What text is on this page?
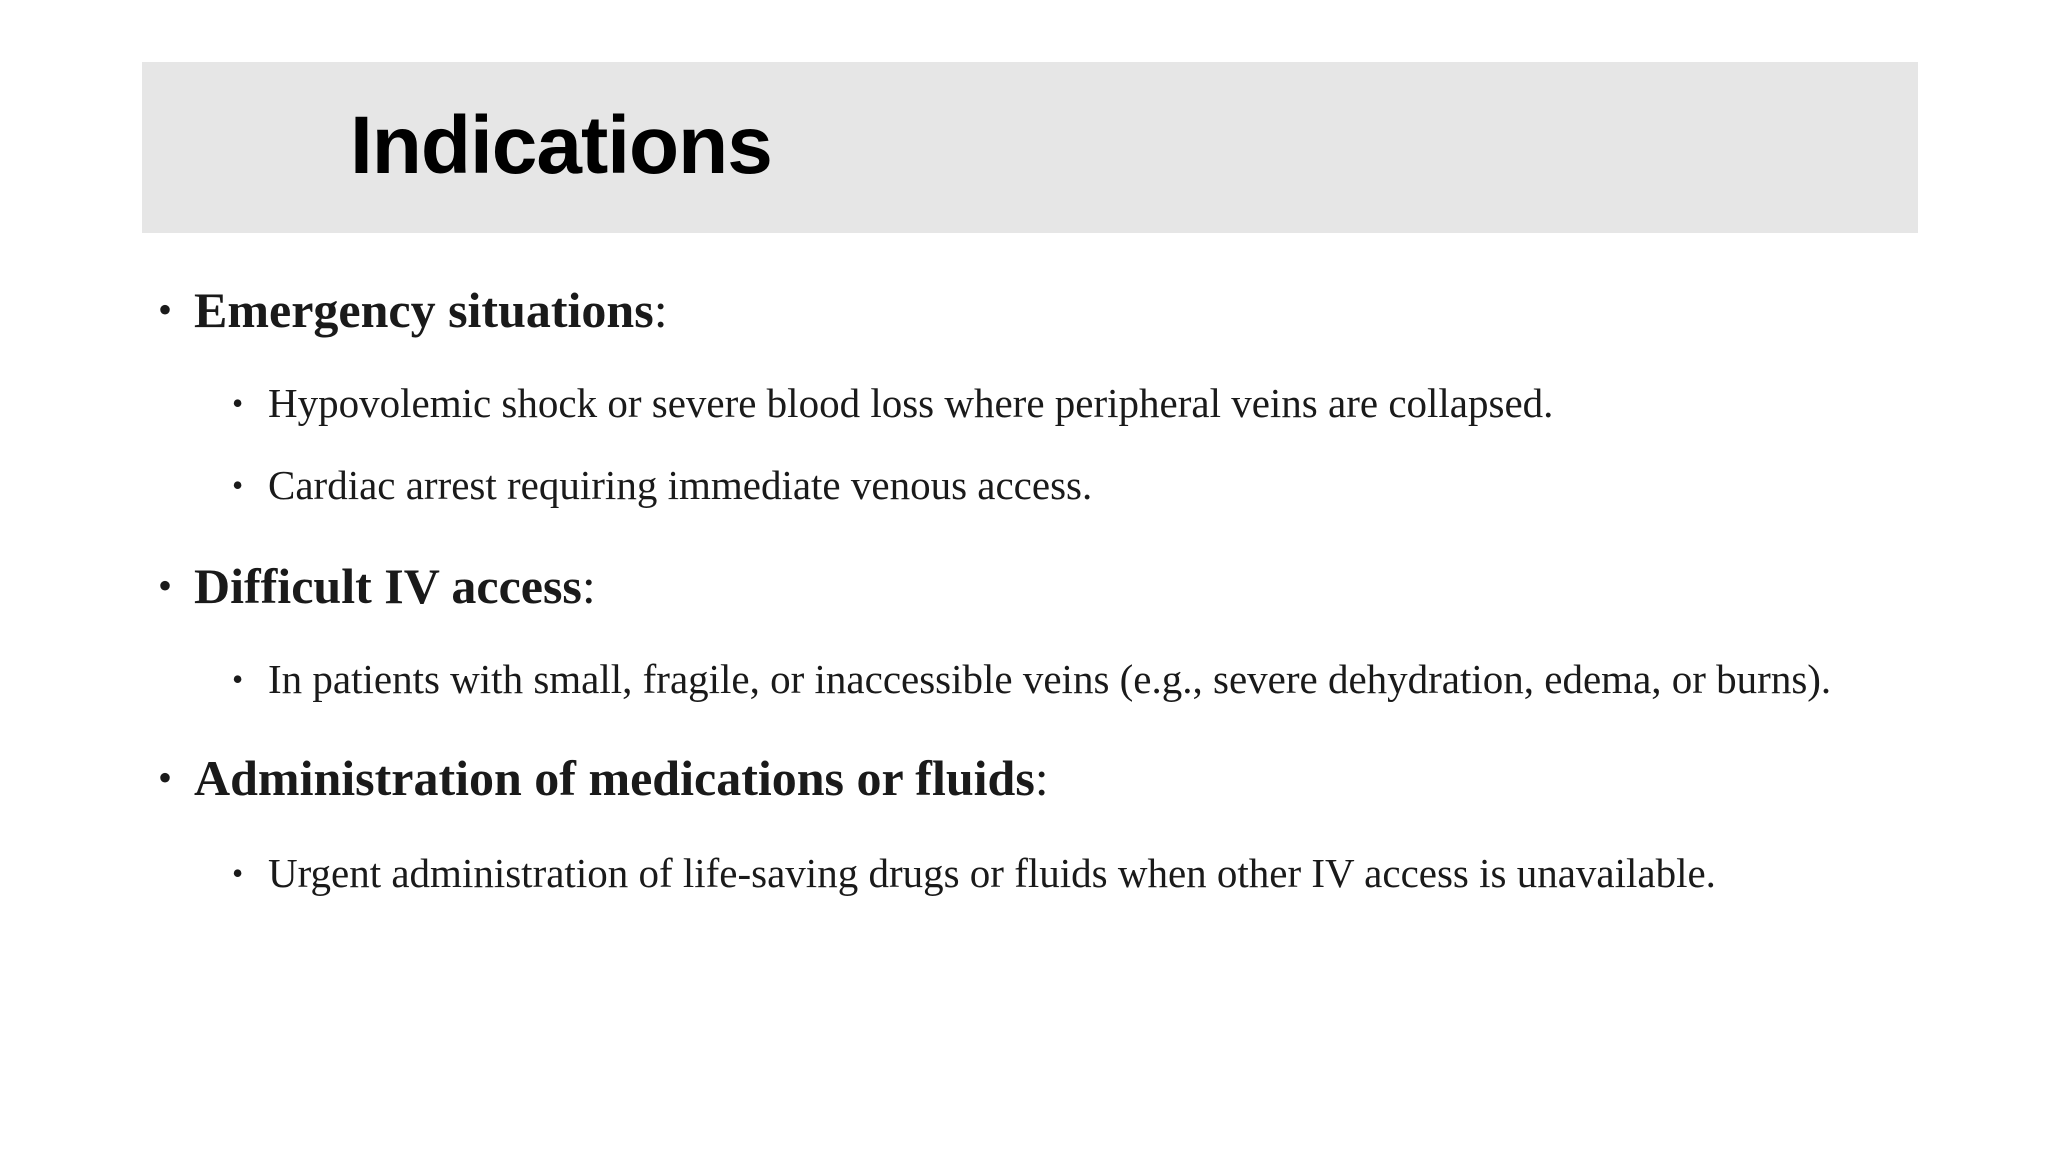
Indications
• Emergency situations:
• Hypovolemic shock or severe blood loss where peripheral veins are collapsed.
• Cardiac arrest requiring immediate venous access.
• Difficult IV access:
• In patients with small, fragile, or inaccessible veins (e.g., severe dehydration, edema, or burns).
• Administration of medications or fluids:
• Urgent administration of life-saving drugs or fluids when other IV access is unavailable.
